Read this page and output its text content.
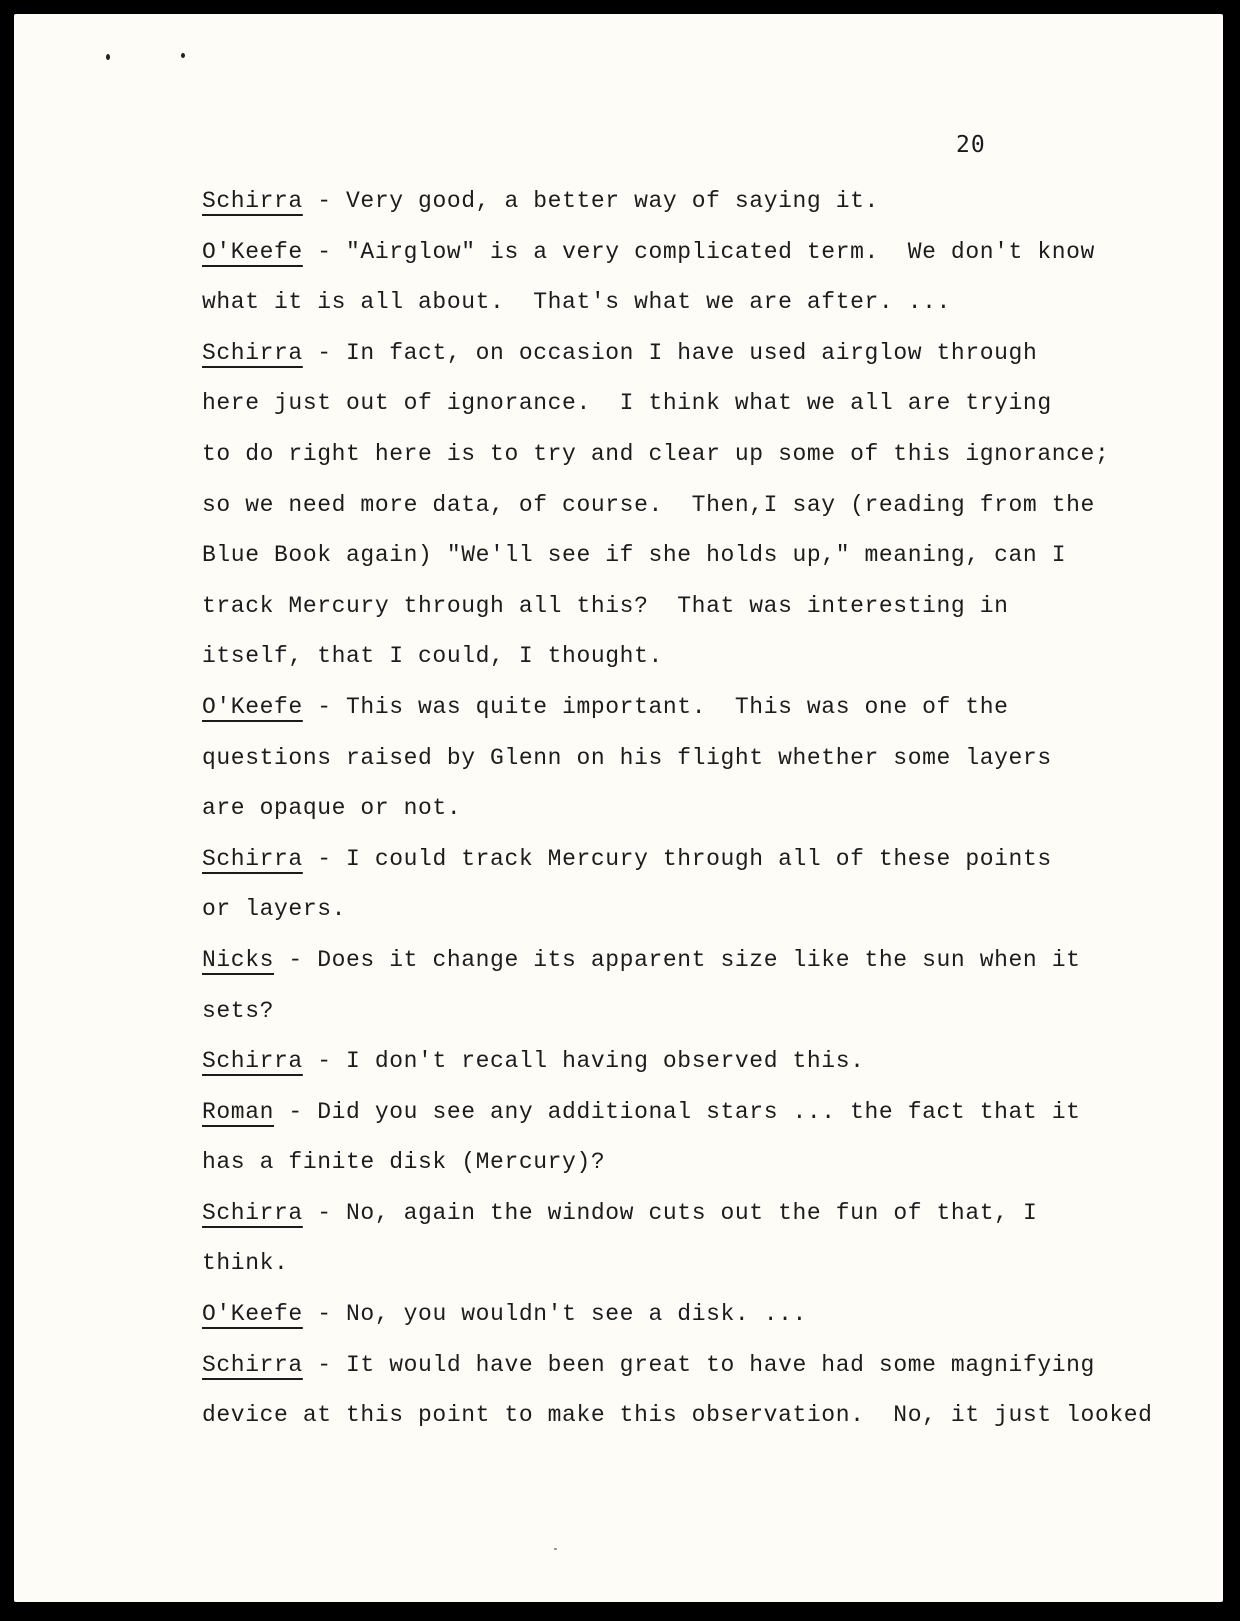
20
Schirra - Very good, a better way of saying it.
O'Keefe - "Airglow" is a very complicated term.  We don't know
what it is all about.  That's what we are after. ...
Schirra - In fact, on occasion I have used airglow through
here just out of ignorance.  I think what we all are trying
to do right here is to try and clear up some of this ignorance;
so we need more data, of course.  Then,I say (reading from the
Blue Book again) "We'll see if she holds up," meaning, can I
track Mercury through all this?  That was interesting in
itself, that I could, I thought.
O'Keefe - This was quite important.  This was one of the
questions raised by Glenn on his flight whether some layers
are opaque or not.
Schirra - I could track Mercury through all of these points
or layers.
Nicks - Does it change its apparent size like the sun when it
sets?
Schirra - I don't recall having observed this.
Roman - Did you see any additional stars ... the fact that it
has a finite disk (Mercury)?
Schirra - No, again the window cuts out the fun of that, I
think.
O'Keefe - No, you wouldn't see a disk. ...
Schirra - It would have been great to have had some magnifying
device at this point to make this observation.  No, it just looked
